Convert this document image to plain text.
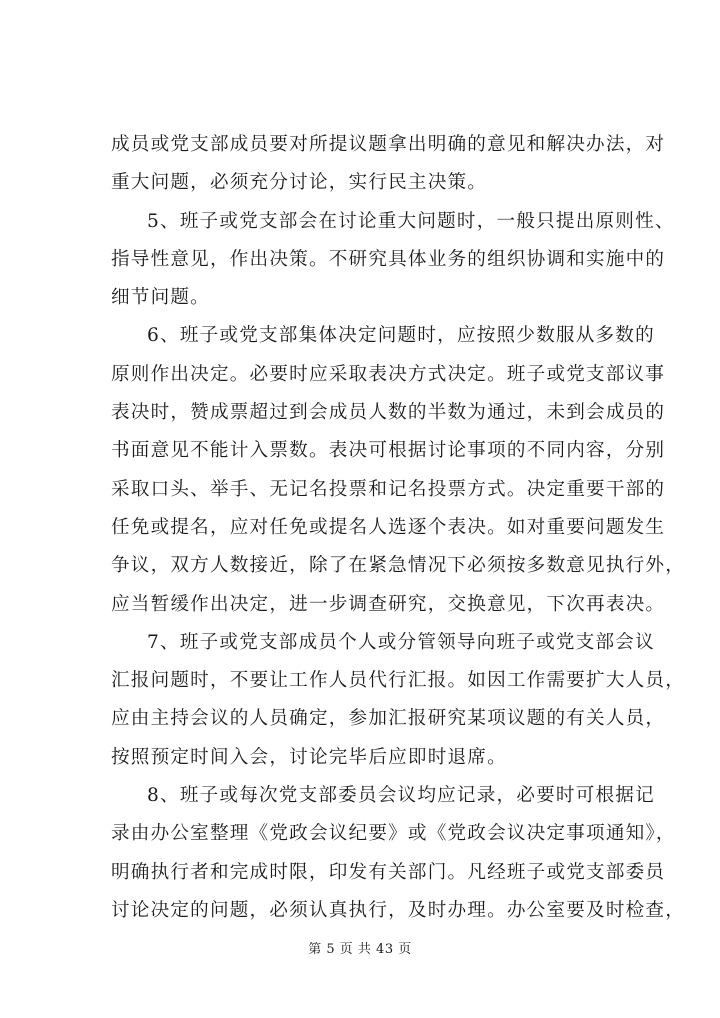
成员或党支部成员要对所提议题拿出明确的意见和解决办法，对
重大问题，必须充分讨论，实行民主决策。

5、班子或党支部会在讨论重大问题时，一般只提出原则性、
指导性意见，作出决策。不研究具体业务的组织协调和实施中的
细节问题。

6、班子或党支部集体决定问题时，应按照少数服从多数的
原则作出决定。必要时应采取表决方式决定。班子或党支部议事
表决时，赞成票超过到会成员人数的半数为通过，未到会成员的
书面意见不能计入票数。表决可根据讨论事项的不同内容，分别
采取口头、举手、无记名投票和记名投票方式。决定重要干部的
任免或提名，应对任免或提名人选逐个表决。如对重要问题发生
争议，双方人数接近，除了在紧急情况下必须按多数意见执行外，
应当暂缓作出决定，进一步调查研究，交换意见，下次再表决。

7、班子或党支部成员个人或分管领导向班子或党支部会议
汇报问题时，不要让工作人员代行汇报。如因工作需要扩大人员，
应由主持会议的人员确定，参加汇报研究某项议题的有关人员，
按照预定时间入会，讨论完毕后应即时退席。

8、班子或每次党支部委员会议均应记录，必要时可根据记
录由办公室整理《党政会议纪要》或《党政会议决定事项通知》，
明确执行者和完成时限，印发有关部门。凡经班子或党支部委员
讨论决定的问题，必须认真执行，及时办理。办公室要及时检查，

第 5 页 共 43 页
